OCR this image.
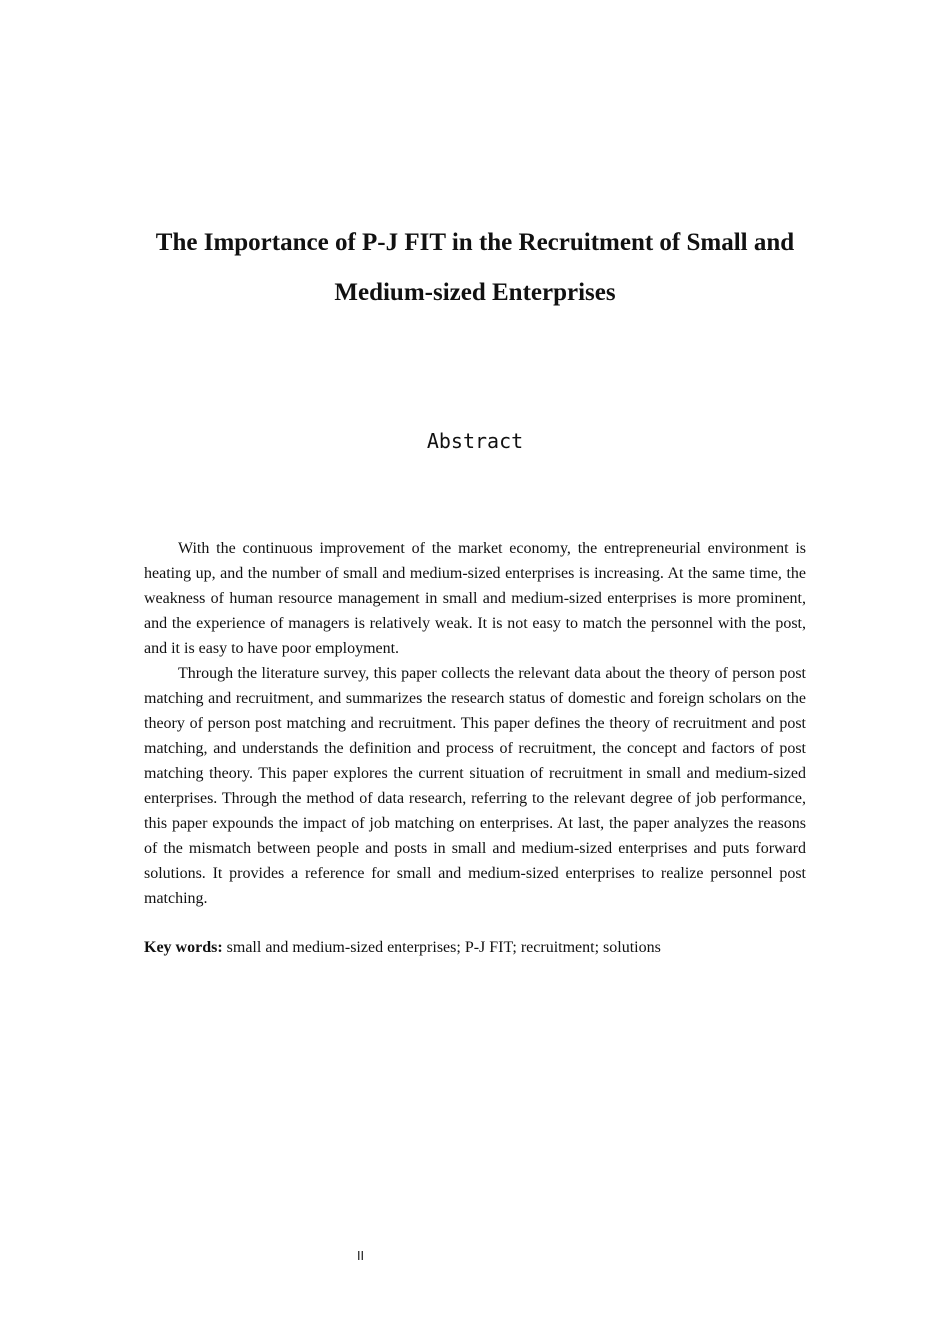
The Importance of P-J FIT in the Recruitment of Small and
Medium-sized Enterprises
Abstract

With the continuous improvement of the market economy, the entrepreneurial environment is heating up, and the number of small and medium-sized enterprises is increasing. At the same time, the weakness of human resource management in small and medium-sized enterprises is more prominent, and the experience of managers is relatively weak. It is not easy to match the personnel with the post, and it is easy to have poor employment.

Through the literature survey, this paper collects the relevant data about the theory of person post matching and recruitment, and summarizes the research status of domestic and foreign scholars on the theory of person post matching and recruitment. This paper defines the theory of recruitment and post matching, and understands the definition and process of recruitment, the concept and factors of post matching theory. This paper explores the current situation of recruitment in small and medium-sized enterprises. Through the method of data research, referring to the relevant degree of job performance, this paper expounds the impact of job matching on enterprises. At last, the paper analyzes the reasons of the mismatch between people and posts in small and medium-sized enterprises and puts forward solutions. It provides a reference for small and medium-sized enterprises to realize personnel post matching.

Key words: small and medium-sized enterprises; P-J FIT; recruitment; solutions

II
